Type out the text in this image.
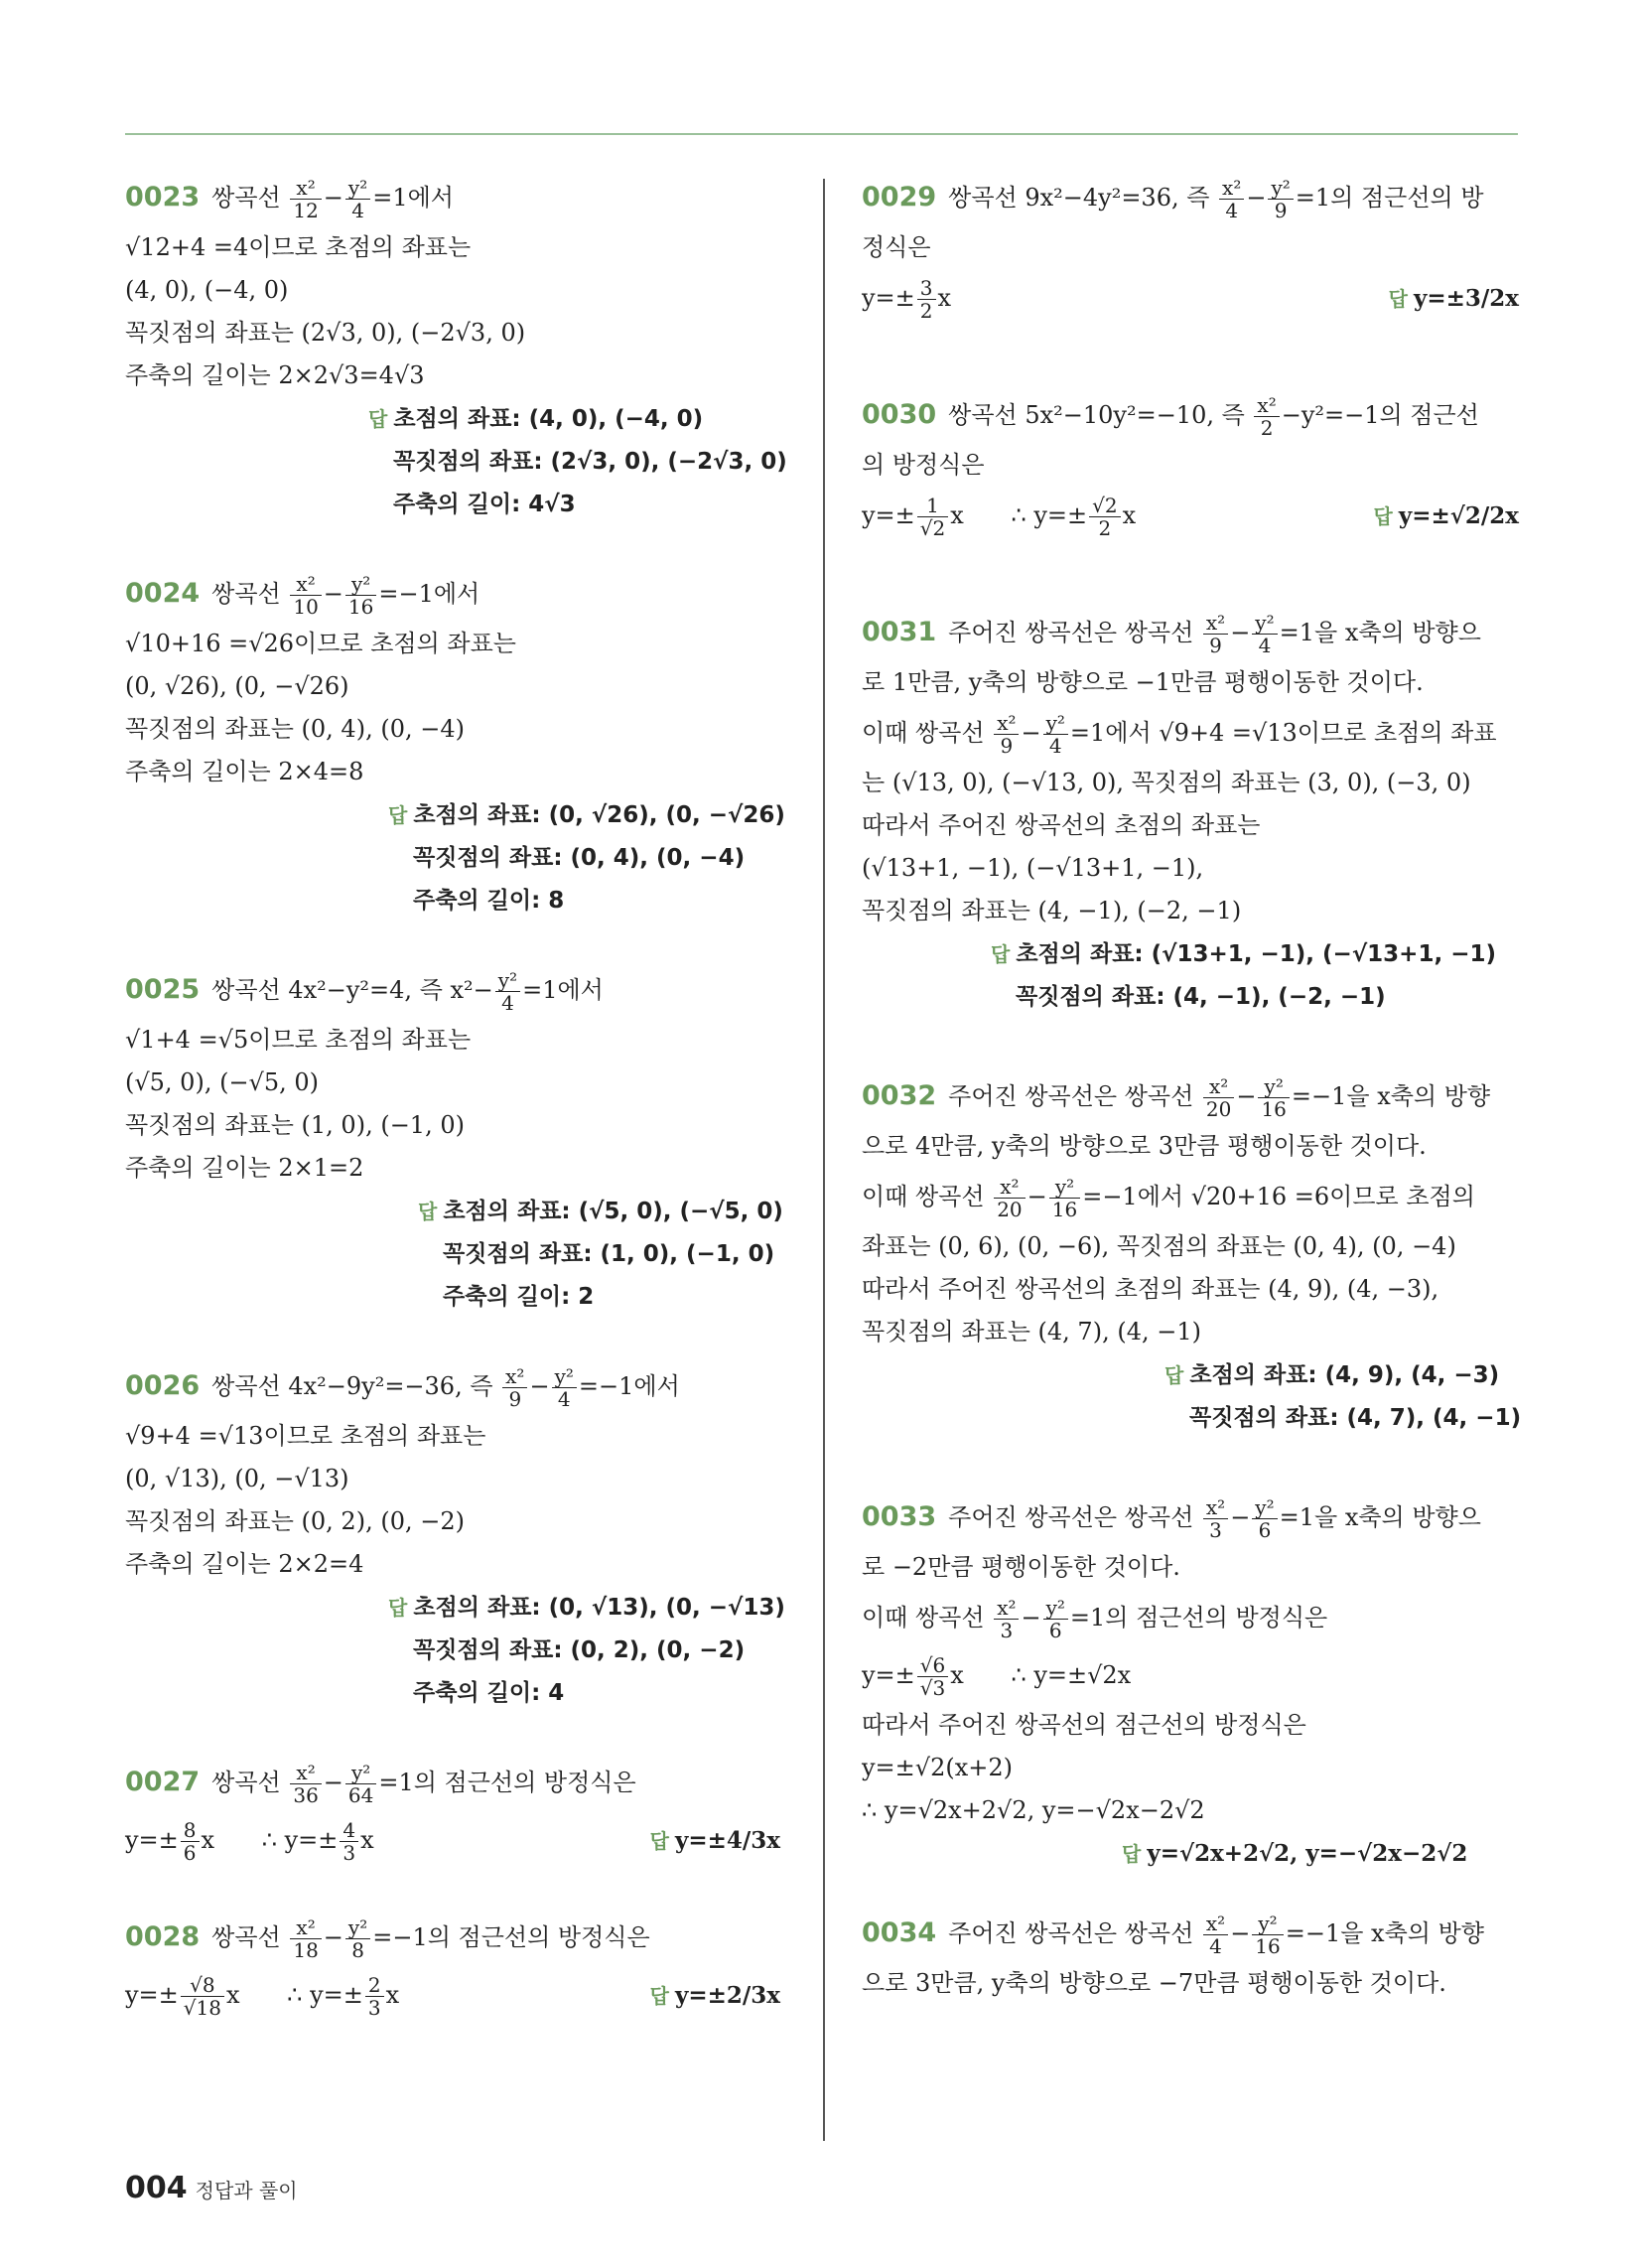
0023 쌍곡선 $\frac{\text{x²}}{12} - \frac{\text{y²}}{4} =1$에서
√12+4 =4이므로 초점의 좌표는
(4, 0), (−4, 0)
꼭짓점의 좌표는 (2√3, 0), (−2√3, 0)
주축의 길이는 2×2√3=4√3
답 초점의 좌표: (4, 0), (−4, 0)
꼭짓점의 좌표: (2√3, 0), (−2√3, 0)
주축의 길이: 4√3
0024 쌍곡선 $\frac{\text{x²}}{10} - \frac{\text{y²}}{16} =-1$에서
√10+16 =√26이므로 초점의 좌표는
(0, √26), (0, −√26)
꼭짓점의 좌표는 (0, 4), (0, −4)
주축의 길이는 2×4=8
답 초점의 좌표: (0, √26), (0, −√26)
꼭짓점의 좌표: (0, 4), (0, −4)
주축의 길이: 8
0025 쌍곡선 4x²−y²=4, 즉 $x^2- \frac{\text{y²}}{4} =1$에서
√1+4 =√5이므로 초점의 좌표는
(√5, 0), (−√5, 0)
꼭짓점의 좌표는 (1, 0), (−1, 0)
주축의 길이는 2×1=2
답 초점의 좌표: (√5, 0), (−√5, 0)
꼭짓점의 좌표: (1, 0), (−1, 0)
주축의 길이: 2
0026 쌍곡선 4x²−9y²=−36, 즉 $\frac{\text{x²}}{9} - \frac{\text{y²}}{4} =-1$에서
√9+4 =√13이므로 초점의 좌표는
(0, √13), (0, −√13)
꼭짓점의 좌표는 (0, 2), (0, −2)
주축의 길이는 2×2=4
답 초점의 좌표: (0, √13), (0, −√13)
꼭짓점의 좌표: (0, 2), (0, −2)
주축의 길이: 4
0027 쌍곡선 $\frac{\text{x²}}{36} - \frac{\text{y²}}{64} =1$의 점근선의 방정식은
$y=\pm \frac{8}{6}$ x ∴ $y=\pm \frac{4}{3}$ x	답 y=±4/3x
0028 쌍곡선 $\frac{\text{x²}}{18} - \frac{\text{y²}}{8} =-1$의 점근선의 방정식은
$y=\pm \frac{√8}{√18}$ x ∴ $y=\pm \frac{2}{3}$ x	답 y=±2/3x
0029 쌍곡선 9x²−4y²=36, 즉 $\frac{\text{x²}}{4} - \frac{\text{y²}}{9} =1$의 점근선의 방
정식은
$y=\pm \frac{3}{2}$ x	답 y=±3/2x
0030 쌍곡선 5x²−10y²=−10, 즉 $\frac{\text{x²}}{2} -y^2=-1$의 점근선
의 방정식은
$y=\pm \frac{1}{√2}$ x ∴ $y=\pm \frac{√2}{2}$ x	답 y=±√2/2x
0031 주어진 쌍곡선은 쌍곡선 $\frac{\text{x²}}{9} - \frac{\text{y²}}{4} =1$을 x축의 방향으
로 1만큼, y축의 방향으로 −1만큼 평행이동한 것이다.
이때 쌍곡선 $\frac{\text{x²}}{9} - \frac{\text{y²}}{4} =1$에서 √9+4 =√13이므로 초점의 좌표
는 (√13, 0), (−√13, 0), 꼭짓점의 좌표는 (3, 0), (−3, 0)
따라서 주어진 쌍곡선의 초점의 좌표는
(√13+1, −1), (−√13+1, −1),
꼭짓점의 좌표는 (4, −1), (−2, −1)
답 초점의 좌표: (√13+1, −1), (−√13+1, −1)
꼭짓점의 좌표: (4, −1), (−2, −1)
0032 주어진 쌍곡선은 쌍곡선 $\frac{\text{x²}}{20} - \frac{\text{y²}}{16} =-1$을 x축의 방향
으로 4만큼, y축의 방향으로 3만큼 평행이동한 것이다.
이때 쌍곡선 $\frac{\text{x²}}{20} - \frac{\text{y²}}{16} =-1$에서 √20+16 =6이므로 초점의
좌표는 (0, 6), (0, −6), 꼭짓점의 좌표는 (0, 4), (0, −4)
따라서 주어진 쌍곡선의 초점의 좌표는 (4, 9), (4, −3),
꼭짓점의 좌표는 (4, 7), (4, −1)
답 초점의 좌표: (4, 9), (4, −3)
꼭짓점의 좌표: (4, 7), (4, −1)
0033 주어진 쌍곡선은 쌍곡선 $\frac{\text{x²}}{3} - \frac{\text{y²}}{6} =1$을 x축의 방향으
로 −2만큼 평행이동한 것이다.
이때 쌍곡선 $\frac{\text{x²}}{3} - \frac{\text{y²}}{6} =1$의 점근선의 방정식은
$y=\pm \frac{√6}{√3}$ x ∴ y=±√2x
따라서 주어진 쌍곡선의 점근선의 방정식은
y=±√2(x+2)
∴ y=√2x+2√2, y=−√2x−2√2
답 y=√2x+2√2, y=−√2x−2√2
0034 주어진 쌍곡선은 쌍곡선 $\frac{\text{x²}}{4} - \frac{\text{y²}}{16} =-1$을 x축의 방향
으로 3만큼, y축의 방향으로 −7만큼 평행이동한 것이다.
004 정답과 풀이
